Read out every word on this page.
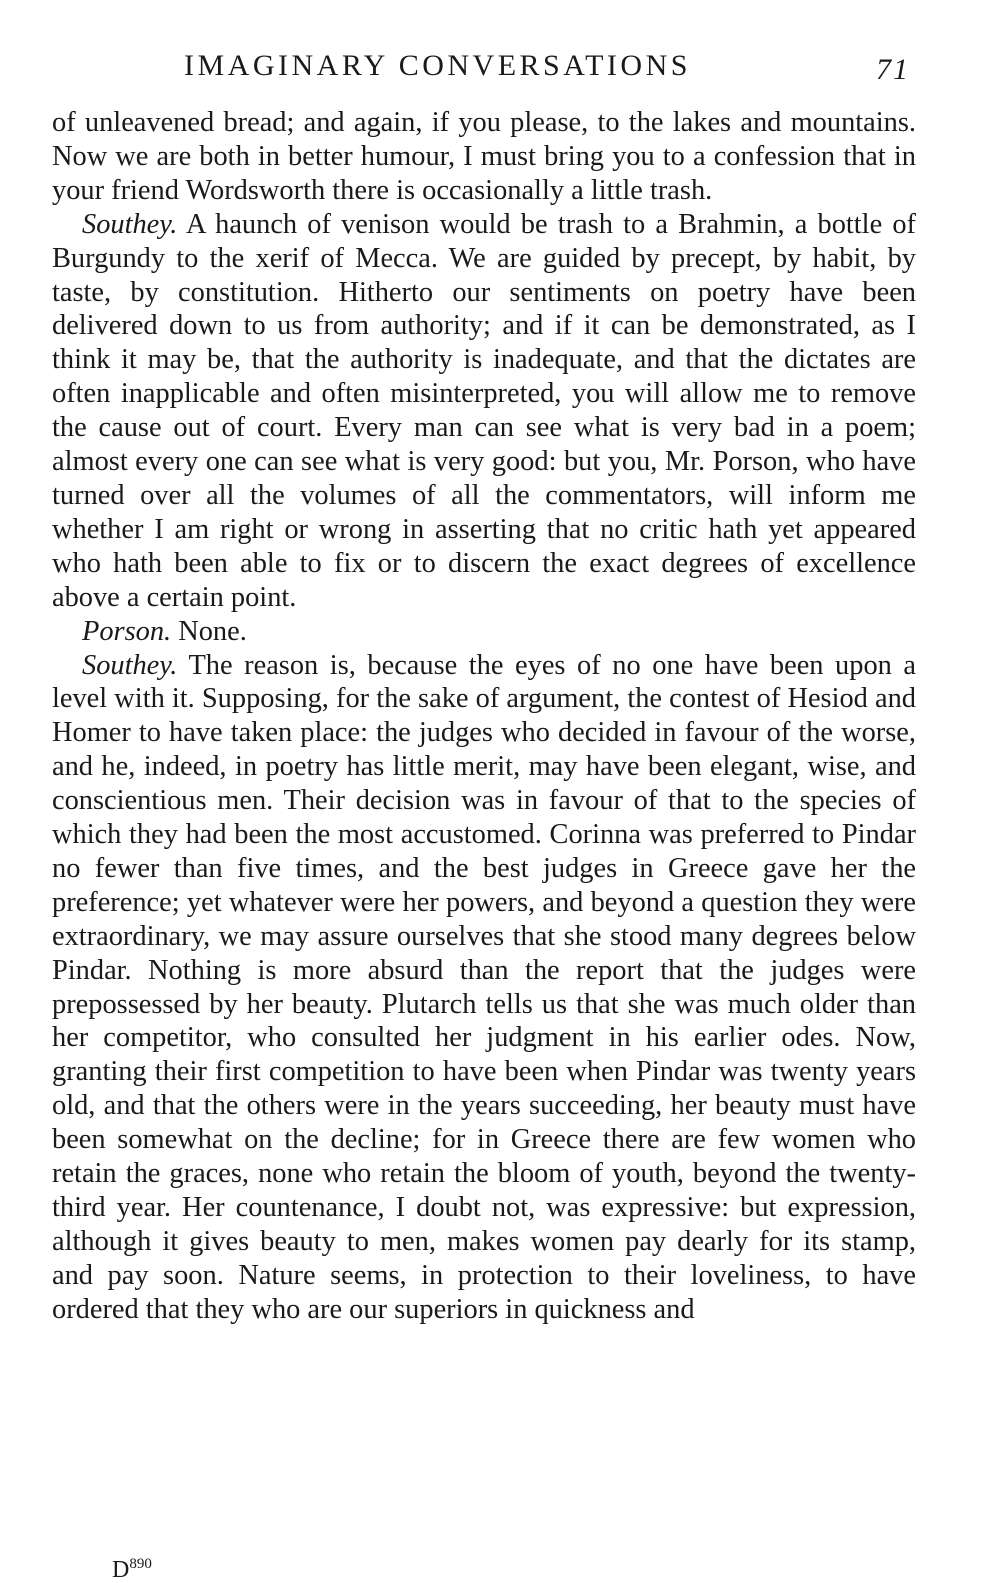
IMAGINARY CONVERSATIONS	71

of unleavened bread; and again, if you please, to the lakes and mountains. Now we are both in better humour, I must bring you to a confession that in your friend Wordsworth there is occasionally a little trash.

Southey. A haunch of venison would be trash to a Brahmin, a bottle of Burgundy to the xerif of Mecca. We are guided by precept, by habit, by taste, by constitution. Hitherto our sentiments on poetry have been delivered down to us from authority; and if it can be demonstrated, as I think it may be, that the authority is inadequate, and that the dictates are often inapplicable and often misinterpreted, you will allow me to remove the cause out of court. Every man can see what is very bad in a poem; almost every one can see what is very good: but you, Mr. Porson, who have turned over all the volumes of all the commentators, will inform me whether I am right or wrong in asserting that no critic hath yet appeared who hath been able to fix or to discern the exact degrees of excellence above a certain point.

Porson. None.

Southey. The reason is, because the eyes of no one have been upon a level with it. Supposing, for the sake of argument, the contest of Hesiod and Homer to have taken place: the judges who decided in favour of the worse, and he, indeed, in poetry has little merit, may have been elegant, wise, and conscientious men. Their decision was in favour of that to the species of which they had been the most accustomed. Corinna was preferred to Pindar no fewer than five times, and the best judges in Greece gave her the preference; yet whatever were her powers, and beyond a question they were extraordinary, we may assure ourselves that she stood many degrees below Pindar. Nothing is more absurd than the report that the judges were prepossessed by her beauty. Plutarch tells us that she was much older than her competitor, who consulted her judgment in his earlier odes. Now, granting their first competition to have been when Pindar was twenty years old, and that the others were in the years succeeding, her beauty must have been somewhat on the decline; for in Greece there are few women who retain the graces, none who retain the bloom of youth, beyond the twenty-third year. Her countenance, I doubt not, was expressive: but expression, although it gives beauty to men, makes women pay dearly for its stamp, and pay soon. Nature seems, in protection to their loveliness, to have ordered that they who are our superiors in quickness and

$D^{890}$
